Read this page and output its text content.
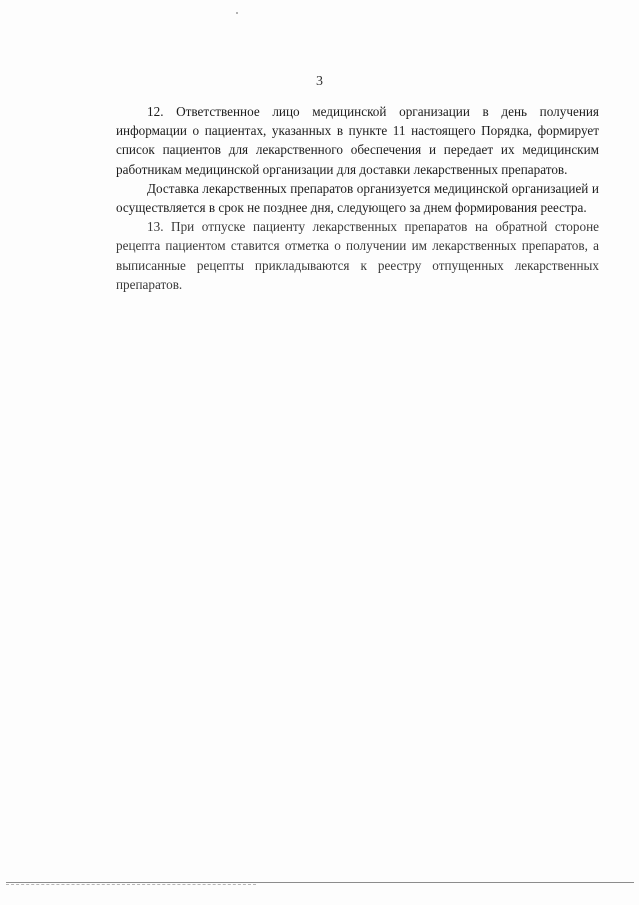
3

12. Ответственное лицо медицинской организации в день получения информации о пациентах, указанных в пункте 11 настоящего Порядка, формирует список пациентов для лекарственного обеспечения и передает их медицинским работникам медицинской организации для доставки лекарственных препаратов.

Доставка лекарственных препаратов организуется медицинской организацией и осуществляется в срок не позднее дня, следующего за днем формирования реестра.

13. При отпуске пациенту лекарственных препаратов на обратной стороне рецепта пациентом ставится отметка о получении им лекарственных препаратов, а выписанные рецепты прикладываются к реестру отпущенных лекарственных препаратов.
